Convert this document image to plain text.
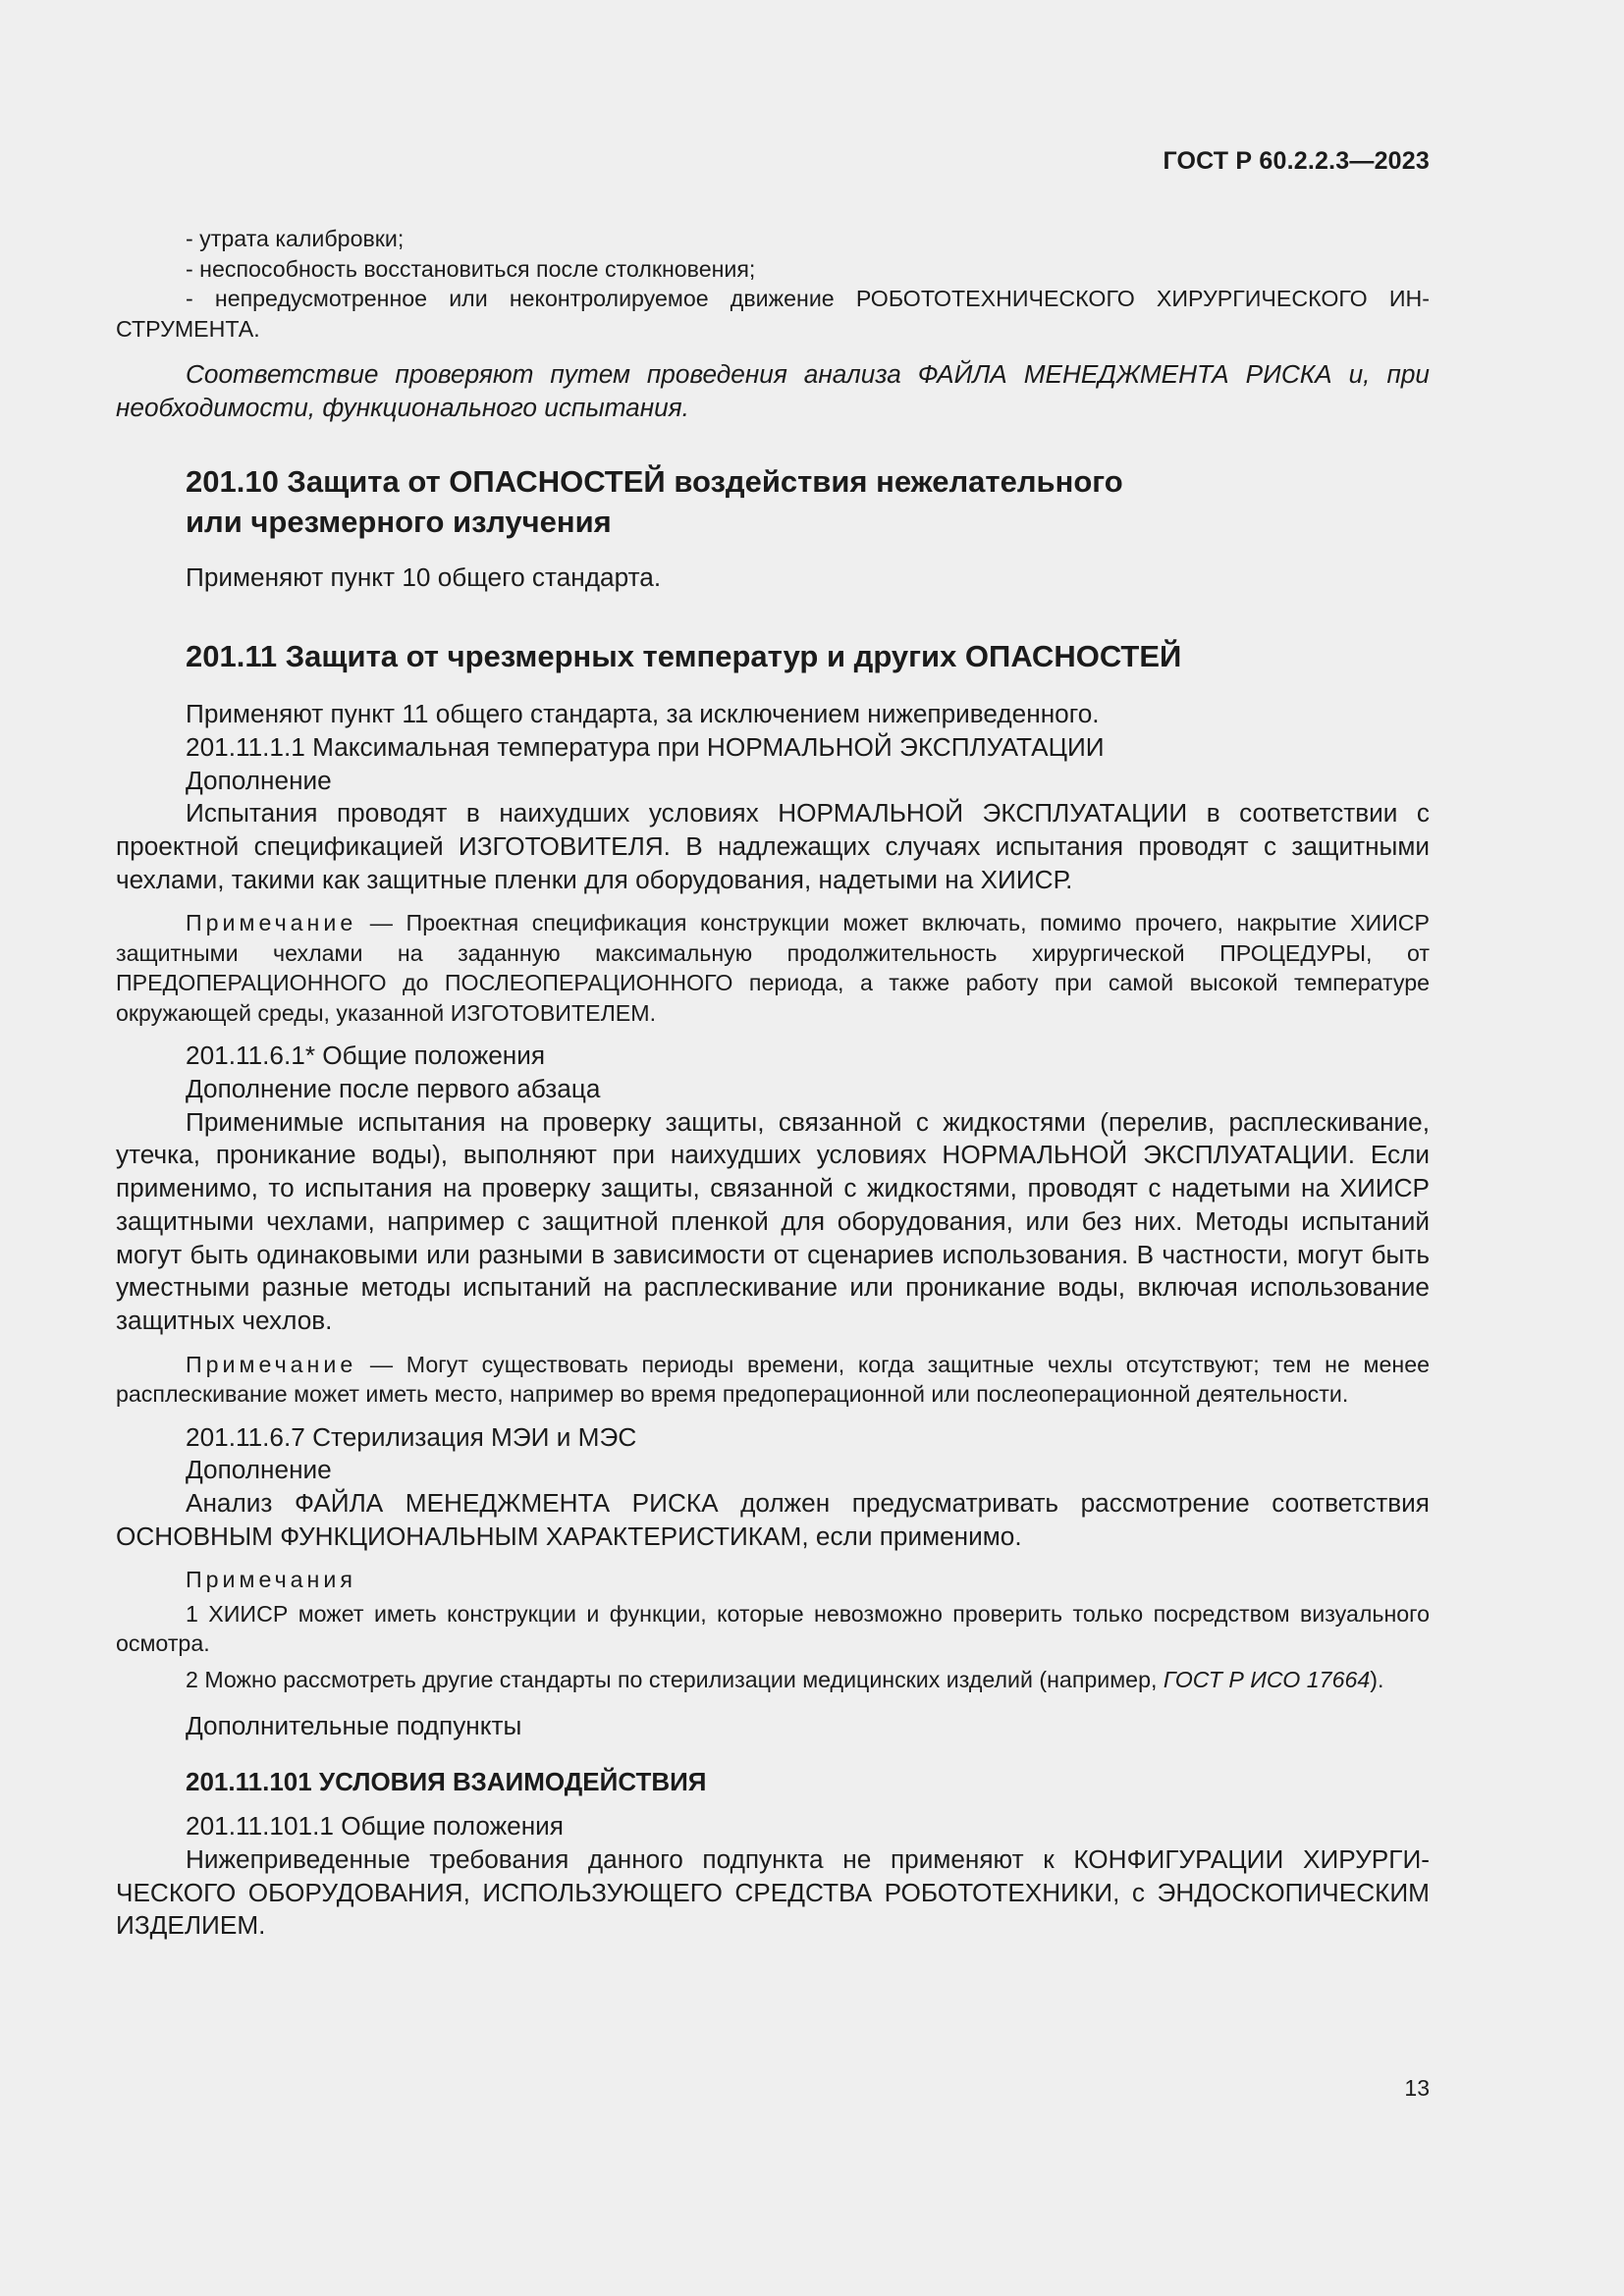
ГОСТ Р 60.2.2.3—2023

- утрата калибровки;

- неспособность восстановиться после столкновения;

- непредусмотренное или неконтролируемое движение РОБОТОТЕХНИЧЕСКОГО ХИРУРГИЧЕСКОГО ИНСТРУМЕНТА.

Соответствие проверяют путем проведения анализа ФАЙЛА МЕНЕДЖМЕНТА РИСКА и, при необходимости, функционального испытания.

201.10 Защита от ОПАСНОСТЕЙ воздействия нежелательного

или чрезмерного излучения

Применяют пункт 10 общего стандарта.

201.11 Защита от чрезмерных температур и других ОПАСНОСТЕЙ

Применяют пункт 11 общего стандарта, за исключением нижеприведенного.

201.11.1.1 Максимальная температура при НОРМАЛЬНОЙ ЭКСПЛУАТАЦИИ

Дополнение

Испытания проводят в наихудших условиях НОРМАЛЬНОЙ ЭКСПЛУАТАЦИИ в соответствии с проектной спецификацией ИЗГОТОВИТЕЛЯ. В надлежащих случаях испытания проводят с защитными чехлами, такими как защитные пленки для оборудования, надетыми на ХИИСР.

Примечание — Проектная спецификация конструкции может включать, помимо прочего, накрытие ХИИСР защитными чехлами на заданную максимальную продолжительность хирургической ПРОЦЕДУРЫ, от ПРЕДОПЕРАЦИОННОГО до ПОСЛЕОПЕРАЦИОННОГО периода, а также работу при самой высокой температуре окружающей среды, указанной ИЗГОТОВИТЕЛЕМ.

201.11.6.1* Общие положения

Дополнение после первого абзаца

Применимые испытания на проверку защиты, связанной с жидкостями (перелив, расплескивание, утечка, проникание воды), выполняют при наихудших условиях НОРМАЛЬНОЙ ЭКСПЛУАТАЦИИ. Если применимо, то испытания на проверку защиты, связанной с жидкостями, проводят с надетыми на ХИИСР защитными чехлами, например с защитной пленкой для оборудования, или без них. Методы испытаний могут быть одинаковыми или разными в зависимости от сценариев использования. В частности, могут быть уместными разные методы испытаний на расплескивание или проникание воды, включая использование защитных чехлов.

Примечание — Могут существовать периоды времени, когда защитные чехлы отсутствуют; тем не менее расплескивание может иметь место, например во время предоперационной или послеоперационной деятельности.

201.11.6.7 Стерилизация МЭИ и МЭС

Дополнение

Анализ ФАЙЛА МЕНЕДЖМЕНТА РИСКА должен предусматривать рассмотрение соответствия ОСНОВНЫМ ФУНКЦИОНАЛЬНЫМ ХАРАКТЕРИСТИКАМ, если применимо.

Примечания

1 ХИИСР может иметь конструкции и функции, которые невозможно проверить только посредством визуального осмотра.

2 Можно рассмотреть другие стандарты по стерилизации медицинских изделий (например, ГОСТ Р ИСО 17664).

Дополнительные подпункты

201.11.101 УСЛОВИЯ ВЗАИМОДЕЙСТВИЯ

201.11.101.1 Общие положения

Нижеприведенные требования данного подпункта не применяют к КОНФИГУРАЦИИ ХИРУРГИЧЕСКОГО ОБОРУДОВАНИЯ, ИСПОЛЬЗУЮЩЕГО СРЕДСТВА РОБОТОТЕХНИКИ, с ЭНДОСКОПИЧЕСКИМ ИЗДЕЛИЕМ.

13
